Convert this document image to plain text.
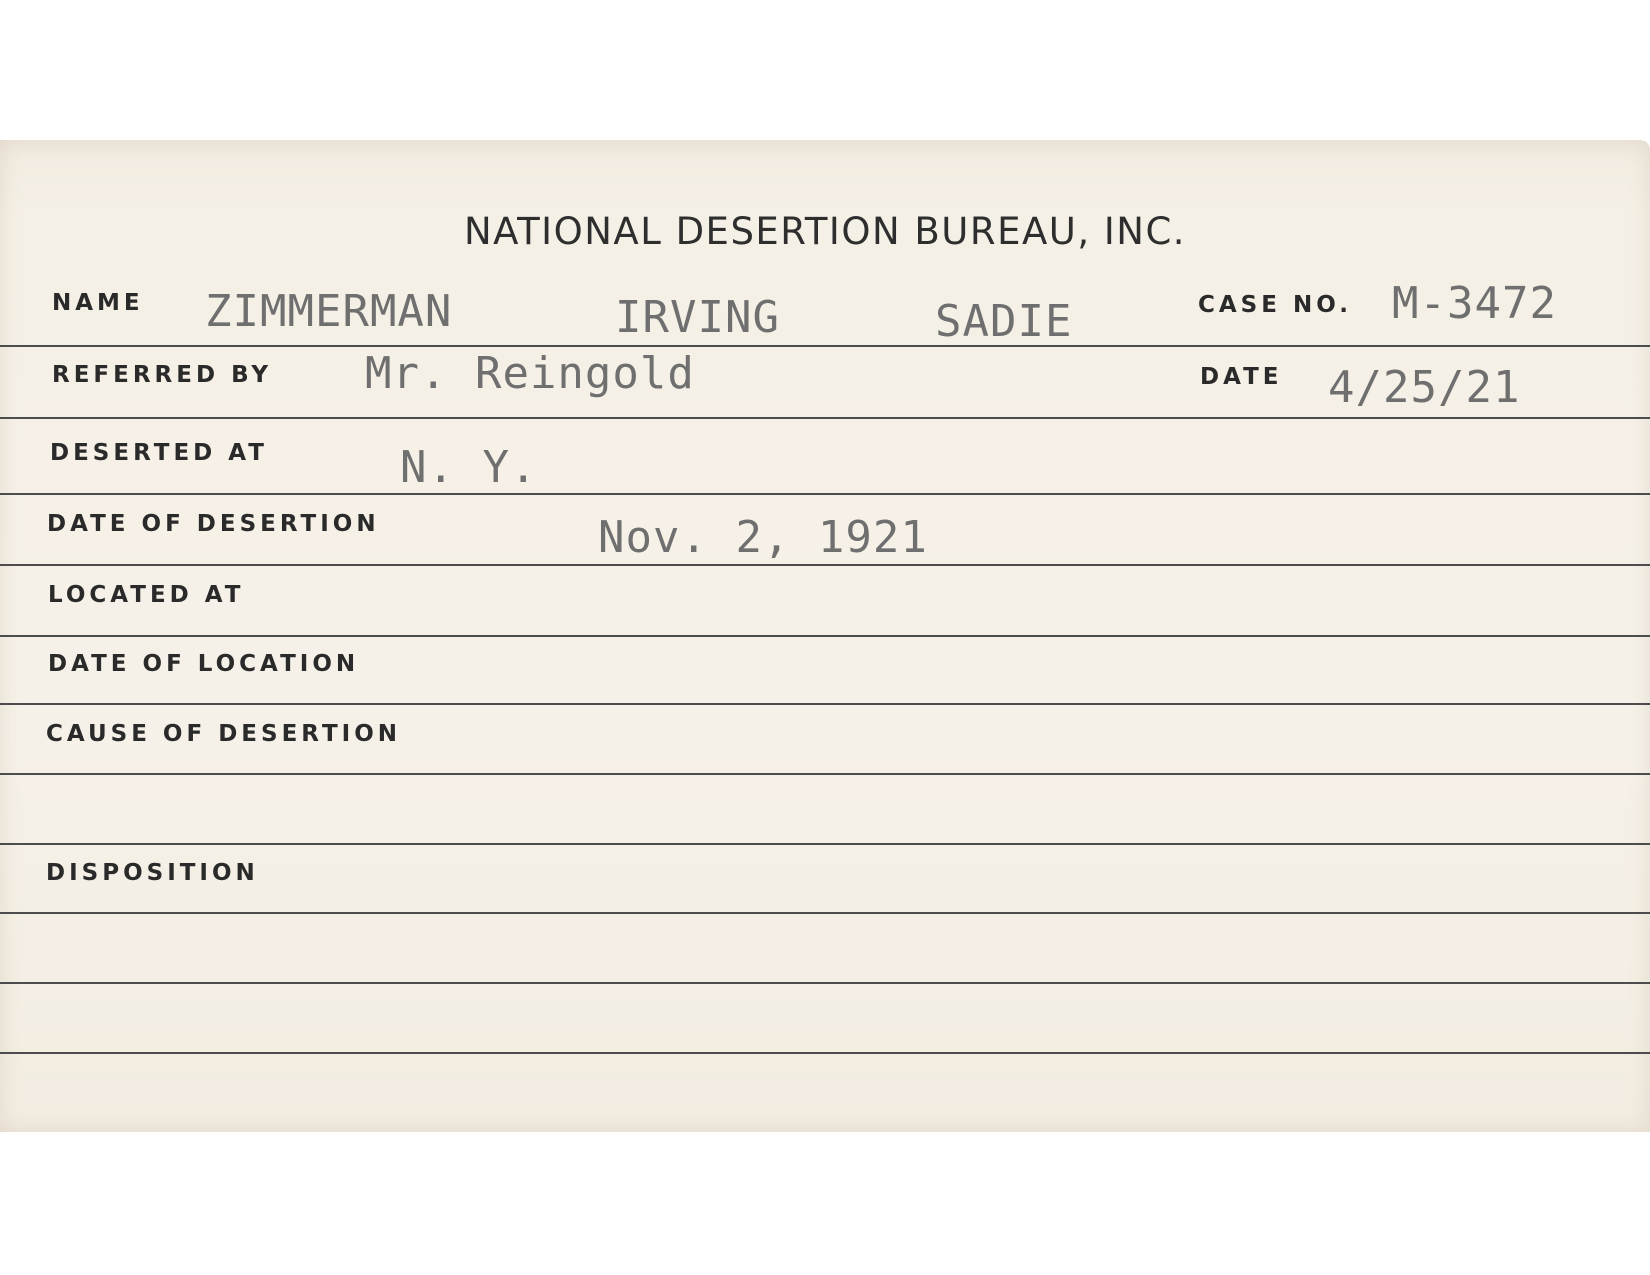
NATIONAL DESERTION BUREAU, INC.
NAME ZIMMERMAN	IRVING	SADIE	CASE NO. M-3472
REFERRED BY Mr. Reingold	DATE 4/25/21
DESERTED AT	N. Y.
DATE OF DESERTION	Nov. 2, 1921
LOCATED AT
DATE OF LOCATION
CAUSE OF DESERTION
DISPOSITION
